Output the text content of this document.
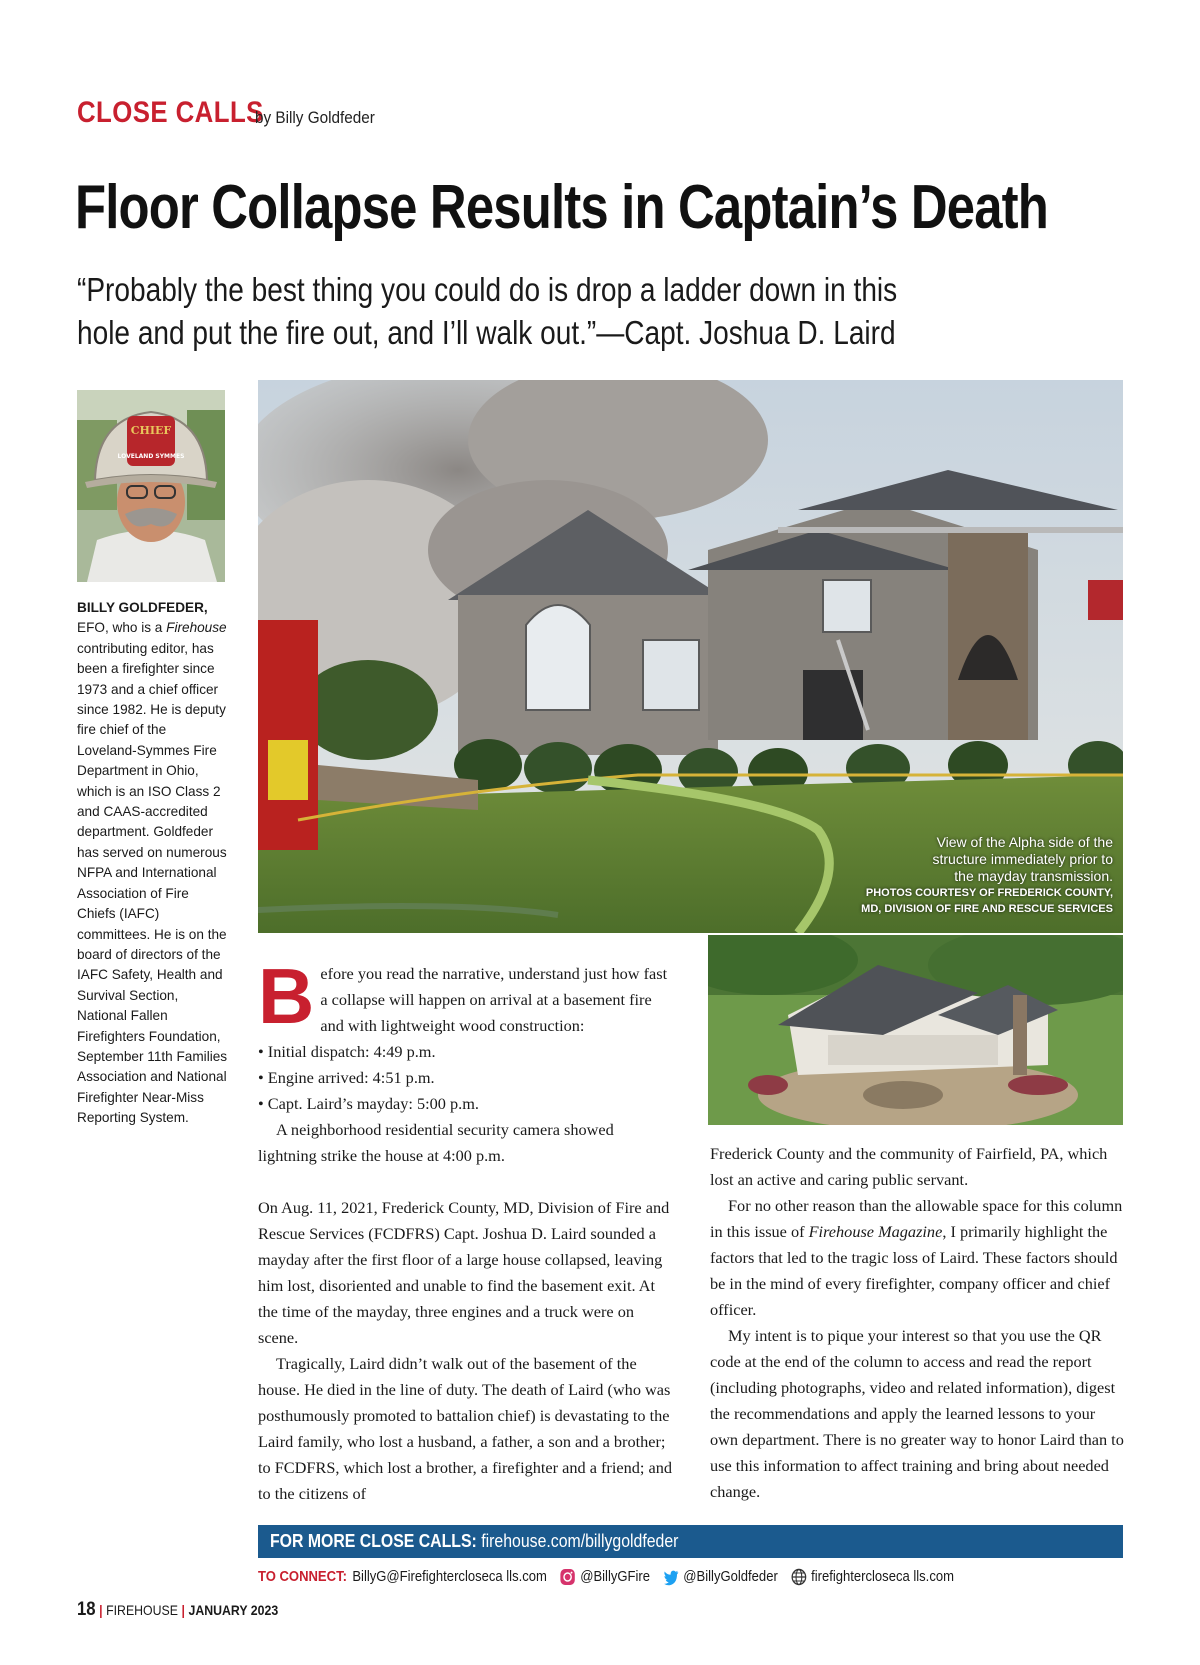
CLOSE CALLS
by Billy Goldfeder
Floor Collapse Results in Captain’s Death

“Probably the best thing you could do is drop a ladder down in this hole and put the fire out, and I’ll walk out.”—Capt. Joshua D. Laird

CHIEF
LOVELAND SYMMES
BILLY GOLDFEDER,
EFO, who is a Firehouse contributing editor, has been a firefighter since 1973 and a chief officer since 1982. He is deputy fire chief of the Loveland-Symmes Fire Department in Ohio, which is an ISO Class 2 and CAAS-accredited department. Goldfeder has served on numerous NFPA and International Association of Fire Chiefs (IAFC) committees. He is on the board of directors of the IAFC Safety, Health and Survival Section, National Fallen Firefighters Foundation, September 11th Families Association and National Firefighter Near-Miss Reporting System.
View of the Alpha side of the structure immediately prior to the mayday transmission.
PHOTOS COURTESY OF FREDERICK COUNTY, MD, DIVISION OF FIRE AND RESCUE SERVICES
B efore you read the narrative, understand just how fast a collapse will happen on arrival at a basement fire and with lightweight wood construction:

• Initial dispatch: 4:49 p.m.

• Engine arrived: 4:51 p.m.

• Capt. Laird’s mayday: 5:00 p.m.

A neighborhood residential security camera showed lightning strike the house at 4:00 p.m.

On Aug. 11, 2021, Frederick County, MD, Division of Fire and Rescue Services (FCDFRS) Capt. Joshua D. Laird sounded a mayday after the first floor of a large house collapsed, leaving him lost, disoriented and unable to find the basement exit. At the time of the mayday, three engines and a truck were on scene.

Tragically, Laird didn’t walk out of the basement of the house. He died in the line of duty. The death of Laird (who was posthumously promoted to battalion chief) is devastating to the Laird family, who lost a husband, a father, a son and a brother; to FCDFRS, which lost a brother, a firefighter and a friend; and to the citizens of

Frederick County and the community of Fairfield, PA, which lost an active and caring public servant.

For no other reason than the allowable space for this column in this issue of Firehouse Magazine, I primarily highlight the factors that led to the tragic loss of Laird. These factors should be in the mind of every firefighter, company officer and chief officer.

My intent is to pique your interest so that you use the QR code at the end of the column to access and read the report (including photographs, video and related information), digest the recommendations and apply the learned lessons to your own department. There is no greater way to honor Laird than to use this information to affect training and bring about needed change.

FOR MORE CLOSE CALLS: firehouse.com/billygoldfeder
TO CONNECT: BillyG@Firefightercloseca lls.com @BillyGFire @BillyGoldfeder firefightercloseca lls.com
18 | FIREHOUSE | JANUARY 2023
